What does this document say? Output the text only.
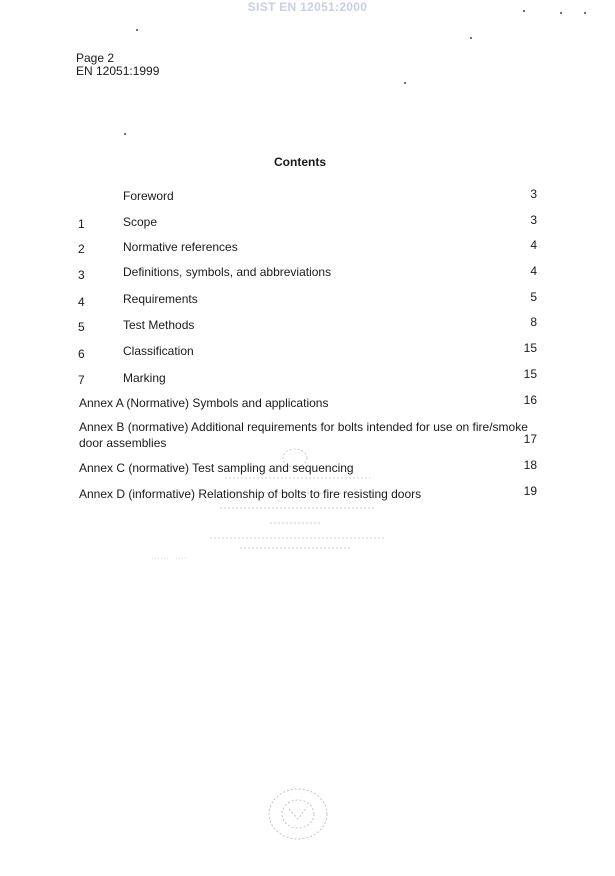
SIST EN 12051:2000
Page 2
EN 12051:1999
Contents
Foreword	3
1	Scope	3
2	Normative references	4
3	Definitions, symbols, and abbreviations	4
4	Requirements	5
5	Test Methods	8
6	Classification	15
7	Marking	15
Annex A (Normative) Symbols and applications	16
Annex B (normative) Additional requirements for bolts intended for use on fire/smoke
door assemblies	17
Annex C (normative) Test sampling and sequencing	18
Annex D (informative) Relationship of bolts to fire resisting doors	19
